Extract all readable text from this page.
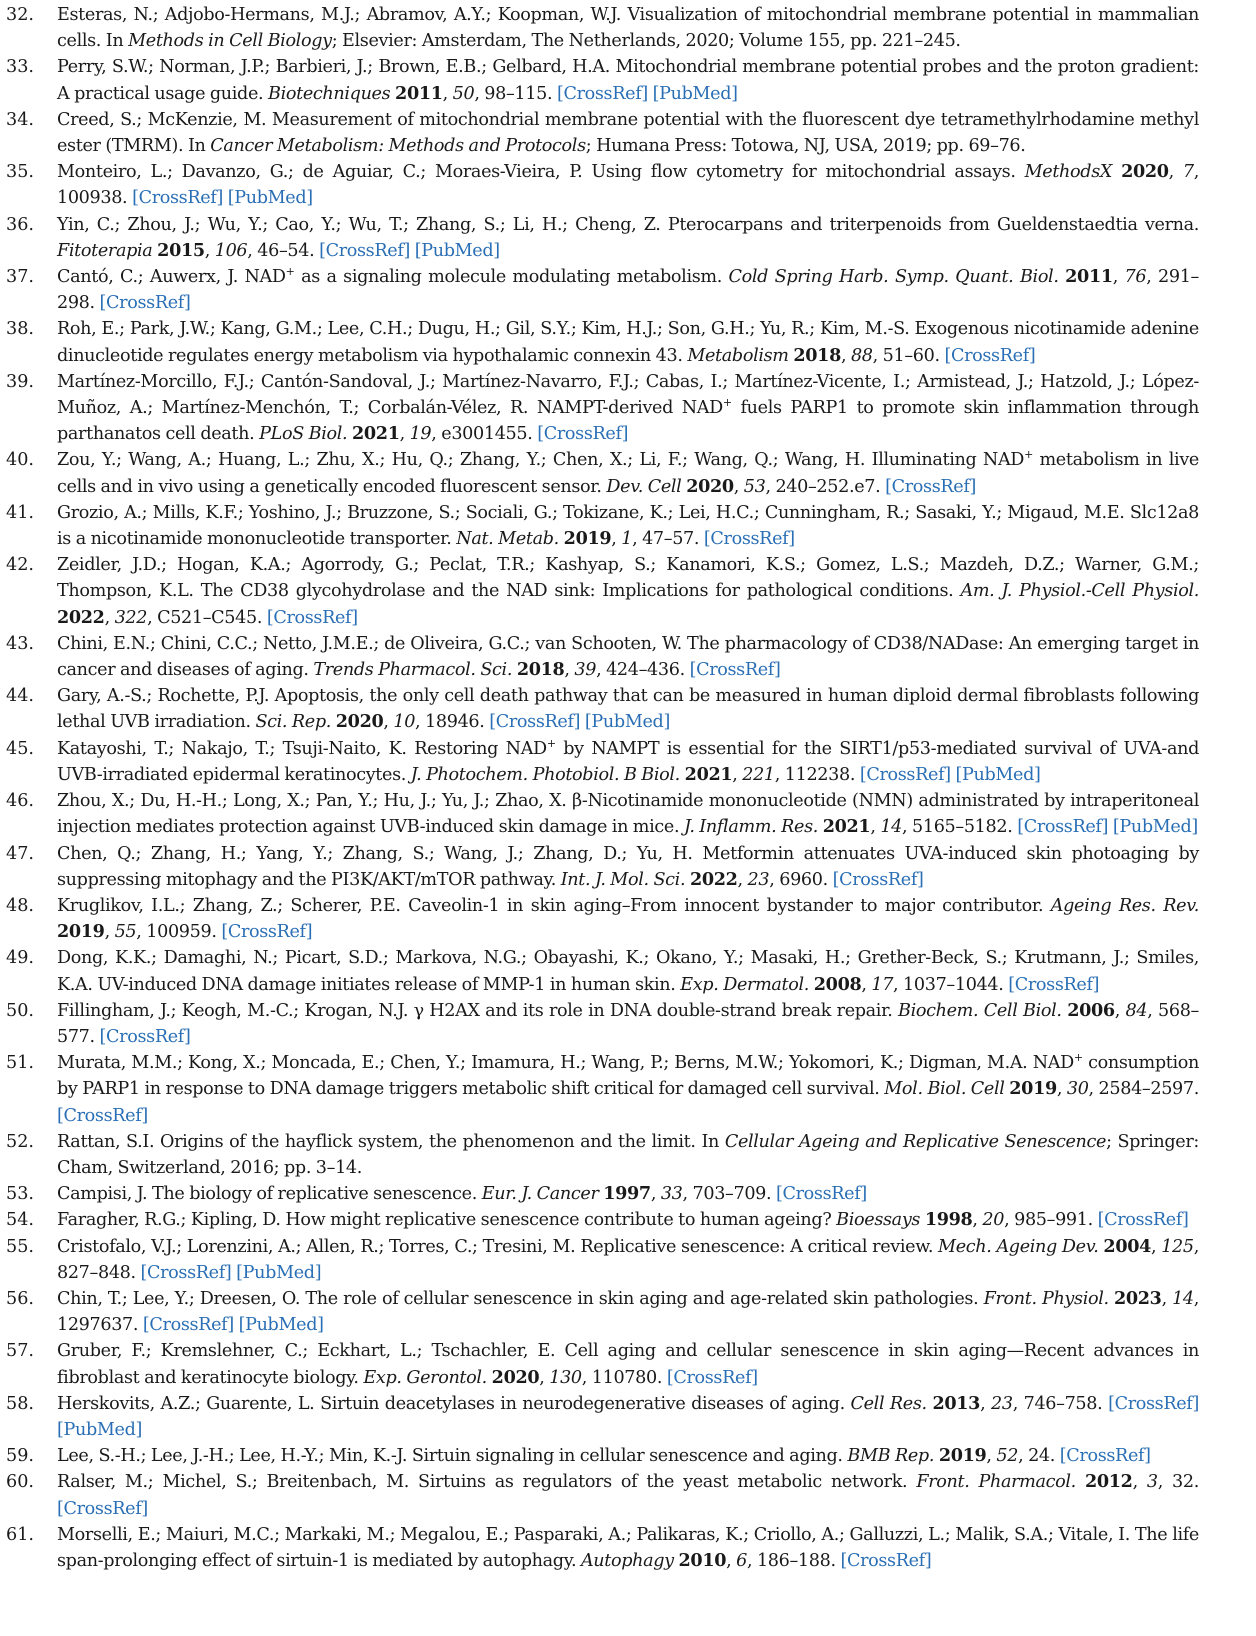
32.	Esteras, N.; Adjobo-Hermans, M.J.; Abramov, A.Y.; Koopman, W.J. Visualization of mitochondrial membrane potential in mammalian cells. In Methods in Cell Biology; Elsevier: Amsterdam, The Netherlands, 2020; Volume 155, pp. 221–245.
33.	Perry, S.W.; Norman, J.P.; Barbieri, J.; Brown, E.B.; Gelbard, H.A. Mitochondrial membrane potential probes and the proton gradient: A practical usage guide. Biotechniques 2011, 50, 98–115. [CrossRef] [PubMed]
34.	Creed, S.; McKenzie, M. Measurement of mitochondrial membrane potential with the fluorescent dye tetramethylrhodamine methyl ester (TMRM). In Cancer Metabolism: Methods and Protocols; Humana Press: Totowa, NJ, USA, 2019; pp. 69–76.
35.	Monteiro, L.; Davanzo, G.; de Aguiar, C.; Moraes-Vieira, P. Using flow cytometry for mitochondrial assays. MethodsX 2020, 7, 100938. [CrossRef] [PubMed]
36.	Yin, C.; Zhou, J.; Wu, Y.; Cao, Y.; Wu, T.; Zhang, S.; Li, H.; Cheng, Z. Pterocarpans and triterpenoids from Gueldenstaedtia verna. Fitoterapia 2015, 106, 46–54. [CrossRef] [PubMed]
37.	Cantó, C.; Auwerx, J. NAD+ as a signaling molecule modulating metabolism. Cold Spring Harb. Symp. Quant. Biol. 2011, 76, 291–298. [CrossRef]
38.	Roh, E.; Park, J.W.; Kang, G.M.; Lee, C.H.; Dugu, H.; Gil, S.Y.; Kim, H.J.; Son, G.H.; Yu, R.; Kim, M.-S. Exogenous nicotinamide adenine dinucleotide regulates energy metabolism via hypothalamic connexin 43. Metabolism 2018, 88, 51–60. [CrossRef]
39.	Martínez-Morcillo, F.J.; Cantón-Sandoval, J.; Martínez-Navarro, F.J.; Cabas, I.; Martínez-Vicente, I.; Armistead, J.; Hatzold, J.; López-Muñoz, A.; Martínez-Menchón, T.; Corbalán-Vélez, R. NAMPT-derived NAD+ fuels PARP1 to promote skin inflammation through parthanatos cell death. PLoS Biol. 2021, 19, e3001455. [CrossRef]
40.	Zou, Y.; Wang, A.; Huang, L.; Zhu, X.; Hu, Q.; Zhang, Y.; Chen, X.; Li, F.; Wang, Q.; Wang, H. Illuminating NAD+ metabolism in live cells and in vivo using a genetically encoded fluorescent sensor. Dev. Cell 2020, 53, 240–252.e7. [CrossRef]
41.	Grozio, A.; Mills, K.F.; Yoshino, J.; Bruzzone, S.; Sociali, G.; Tokizane, K.; Lei, H.C.; Cunningham, R.; Sasaki, Y.; Migaud, M.E. Slc12a8 is a nicotinamide mononucleotide transporter. Nat. Metab. 2019, 1, 47–57. [CrossRef]
42.	Zeidler, J.D.; Hogan, K.A.; Agorrody, G.; Peclat, T.R.; Kashyap, S.; Kanamori, K.S.; Gomez, L.S.; Mazdeh, D.Z.; Warner, G.M.; Thompson, K.L. The CD38 glycohydrolase and the NAD sink: Implications for pathological conditions. Am. J. Physiol.-Cell Physiol. 2022, 322, C521–C545. [CrossRef]
43.	Chini, E.N.; Chini, C.C.; Netto, J.M.E.; de Oliveira, G.C.; van Schooten, W. The pharmacology of CD38/NADase: An emerging target in cancer and diseases of aging. Trends Pharmacol. Sci. 2018, 39, 424–436. [CrossRef]
44.	Gary, A.-S.; Rochette, P.J. Apoptosis, the only cell death pathway that can be measured in human diploid dermal fibroblasts following lethal UVB irradiation. Sci. Rep. 2020, 10, 18946. [CrossRef] [PubMed]
45.	Katayoshi, T.; Nakajo, T.; Tsuji-Naito, K. Restoring NAD+ by NAMPT is essential for the SIRT1/p53-mediated survival of UVA-and UVB-irradiated epidermal keratinocytes. J. Photochem. Photobiol. B Biol. 2021, 221, 112238. [CrossRef] [PubMed]
46.	Zhou, X.; Du, H.-H.; Long, X.; Pan, Y.; Hu, J.; Yu, J.; Zhao, X. β-Nicotinamide mononucleotide (NMN) administrated by intraperitoneal injection mediates protection against UVB-induced skin damage in mice. J. Inflamm. Res. 2021, 14, 5165–5182. [CrossRef] [PubMed]
47.	Chen, Q.; Zhang, H.; Yang, Y.; Zhang, S.; Wang, J.; Zhang, D.; Yu, H. Metformin attenuates UVA-induced skin photoaging by suppressing mitophagy and the PI3K/AKT/mTOR pathway. Int. J. Mol. Sci. 2022, 23, 6960. [CrossRef]
48.	Kruglikov, I.L.; Zhang, Z.; Scherer, P.E. Caveolin-1 in skin aging–From innocent bystander to major contributor. Ageing Res. Rev. 2019, 55, 100959. [CrossRef]
49.	Dong, K.K.; Damaghi, N.; Picart, S.D.; Markova, N.G.; Obayashi, K.; Okano, Y.; Masaki, H.; Grether-Beck, S.; Krutmann, J.; Smiles, K.A. UV-induced DNA damage initiates release of MMP-1 in human skin. Exp. Dermatol. 2008, 17, 1037–1044. [CrossRef]
50.	Fillingham, J.; Keogh, M.-C.; Krogan, N.J. γ H2AX and its role in DNA double-strand break repair. Biochem. Cell Biol. 2006, 84, 568–577. [CrossRef]
51.	Murata, M.M.; Kong, X.; Moncada, E.; Chen, Y.; Imamura, H.; Wang, P.; Berns, M.W.; Yokomori, K.; Digman, M.A. NAD+ consumption by PARP1 in response to DNA damage triggers metabolic shift critical for damaged cell survival. Mol. Biol. Cell 2019, 30, 2584–2597. [CrossRef]
52.	Rattan, S.I. Origins of the hayflick system, the phenomenon and the limit. In Cellular Ageing and Replicative Senescence; Springer: Cham, Switzerland, 2016; pp. 3–14.
53.	Campisi, J. The biology of replicative senescence. Eur. J. Cancer 1997, 33, 703–709. [CrossRef]
54.	Faragher, R.G.; Kipling, D. How might replicative senescence contribute to human ageing? Bioessays 1998, 20, 985–991. [CrossRef]
55.	Cristofalo, V.J.; Lorenzini, A.; Allen, R.; Torres, C.; Tresini, M. Replicative senescence: A critical review. Mech. Ageing Dev. 2004, 125, 827–848. [CrossRef] [PubMed]
56.	Chin, T.; Lee, Y.; Dreesen, O. The role of cellular senescence in skin aging and age-related skin pathologies. Front. Physiol. 2023, 14, 1297637. [CrossRef] [PubMed]
57.	Gruber, F.; Kremslehner, C.; Eckhart, L.; Tschachler, E. Cell aging and cellular senescence in skin aging—Recent advances in fibroblast and keratinocyte biology. Exp. Gerontol. 2020, 130, 110780. [CrossRef]
58.	Herskovits, A.Z.; Guarente, L. Sirtuin deacetylases in neurodegenerative diseases of aging. Cell Res. 2013, 23, 746–758. [CrossRef] [PubMed]
59.	Lee, S.-H.; Lee, J.-H.; Lee, H.-Y.; Min, K.-J. Sirtuin signaling in cellular senescence and aging. BMB Rep. 2019, 52, 24. [CrossRef]
60.	Ralser, M.; Michel, S.; Breitenbach, M. Sirtuins as regulators of the yeast metabolic network. Front. Pharmacol. 2012, 3, 32. [CrossRef]
61.	Morselli, E.; Maiuri, M.C.; Markaki, M.; Megalou, E.; Pasparaki, A.; Palikaras, K.; Criollo, A.; Galluzzi, L.; Malik, S.A.; Vitale, I. The life span-prolonging effect of sirtuin-1 is mediated by autophagy. Autophagy 2010, 6, 186–188. [CrossRef]
